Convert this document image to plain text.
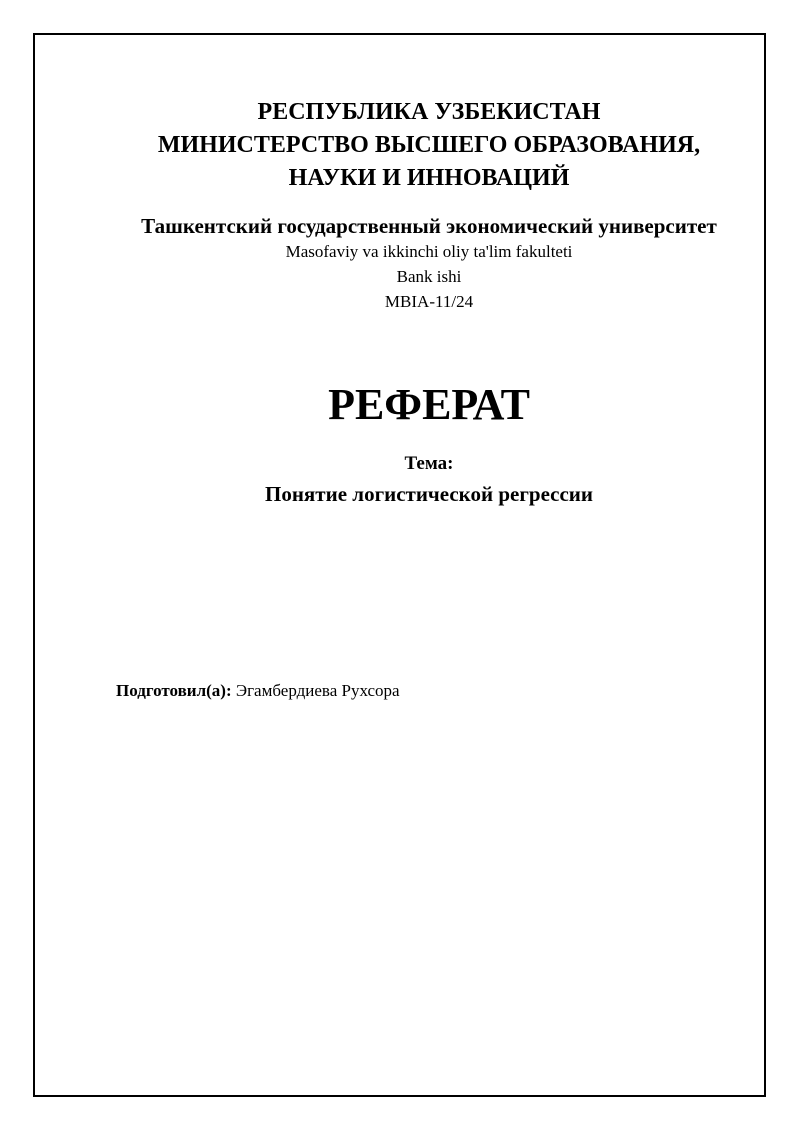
РЕСПУБЛИКА УЗБЕКИСТАН
МИНИСТЕРСТВО ВЫСШЕГО ОБРАЗОВАНИЯ,
НАУКИ И ИННОВАЦИЙ
Ташкентский государственный экономический университет
Masofaviy va ikkinchi oliy ta'lim fakulteti
Bank ishi
MBIA-11/24
РЕФЕРАТ
Тема:
Понятие логистической регрессии
Подготовил(а): Эгамбердиева Рухсора
